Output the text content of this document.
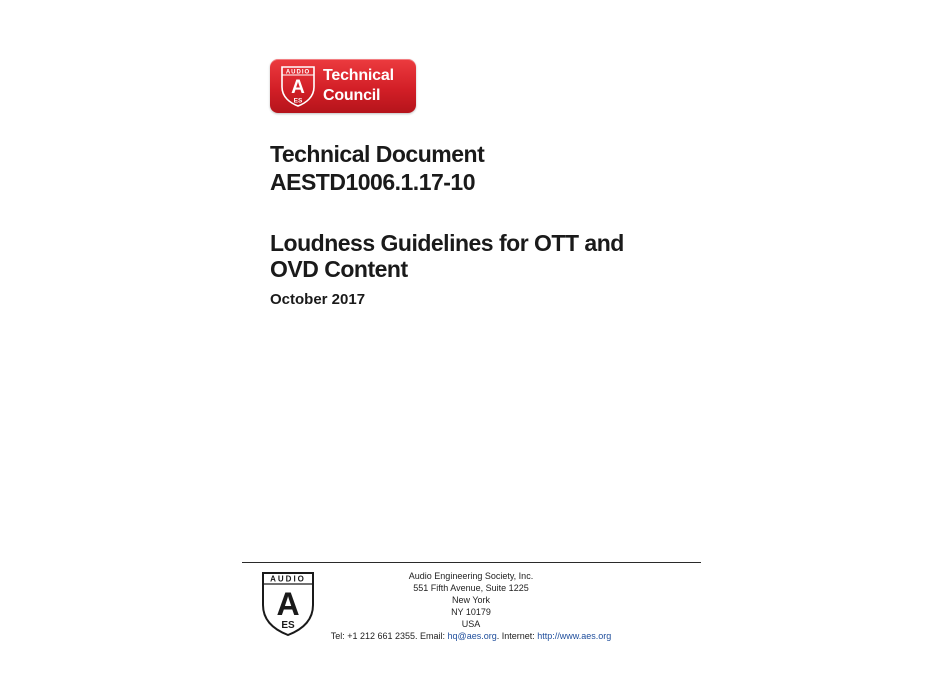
AUDIO
A
ES
Technical
Council
Technical Document
AESTD1006.1.17-10
Loudness Guidelines for OTT and
OVD Content
October 2017
AUDIO
A
ES
Audio Engineering Society, Inc.
551 Fifth Avenue, Suite 1225
New York
NY 10179
USA
Tel: +1 212 661 2355. Email: hq@aes.org. Internet: http://www.aes.org
